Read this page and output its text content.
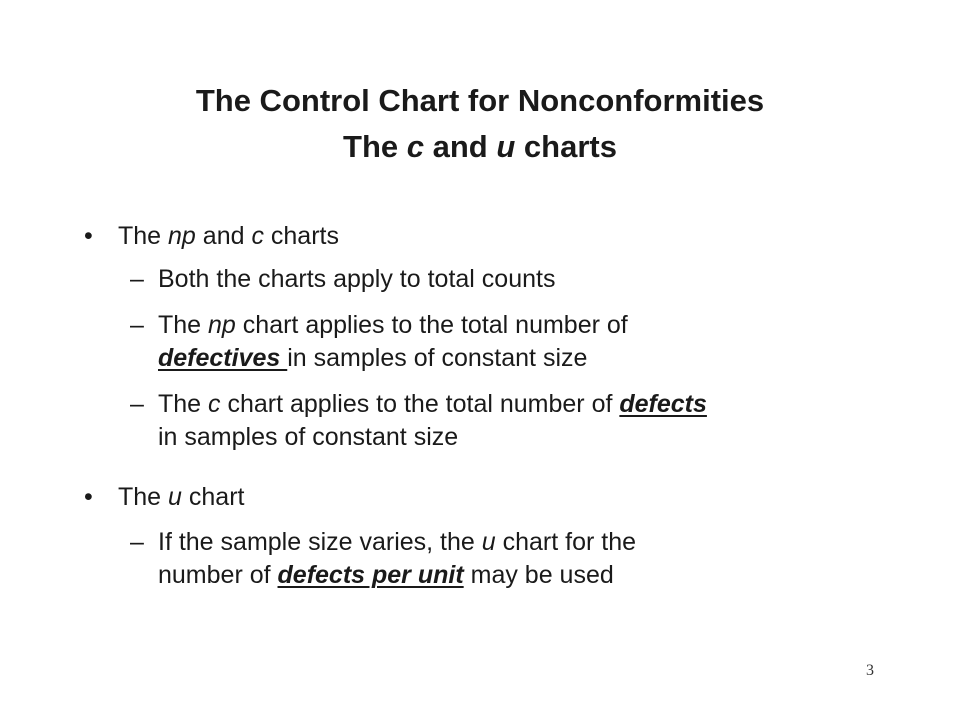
The Control Chart for Nonconformities
The c and u charts
•	The np and c charts
– Both the charts apply to total counts
– The np chart applies to the total number of
defectives in samples of constant size
– The c chart applies to the total number of defects
in samples of constant size
•	The u chart
– If the sample size varies, the u chart for the
number of defects per unit may be used
3
